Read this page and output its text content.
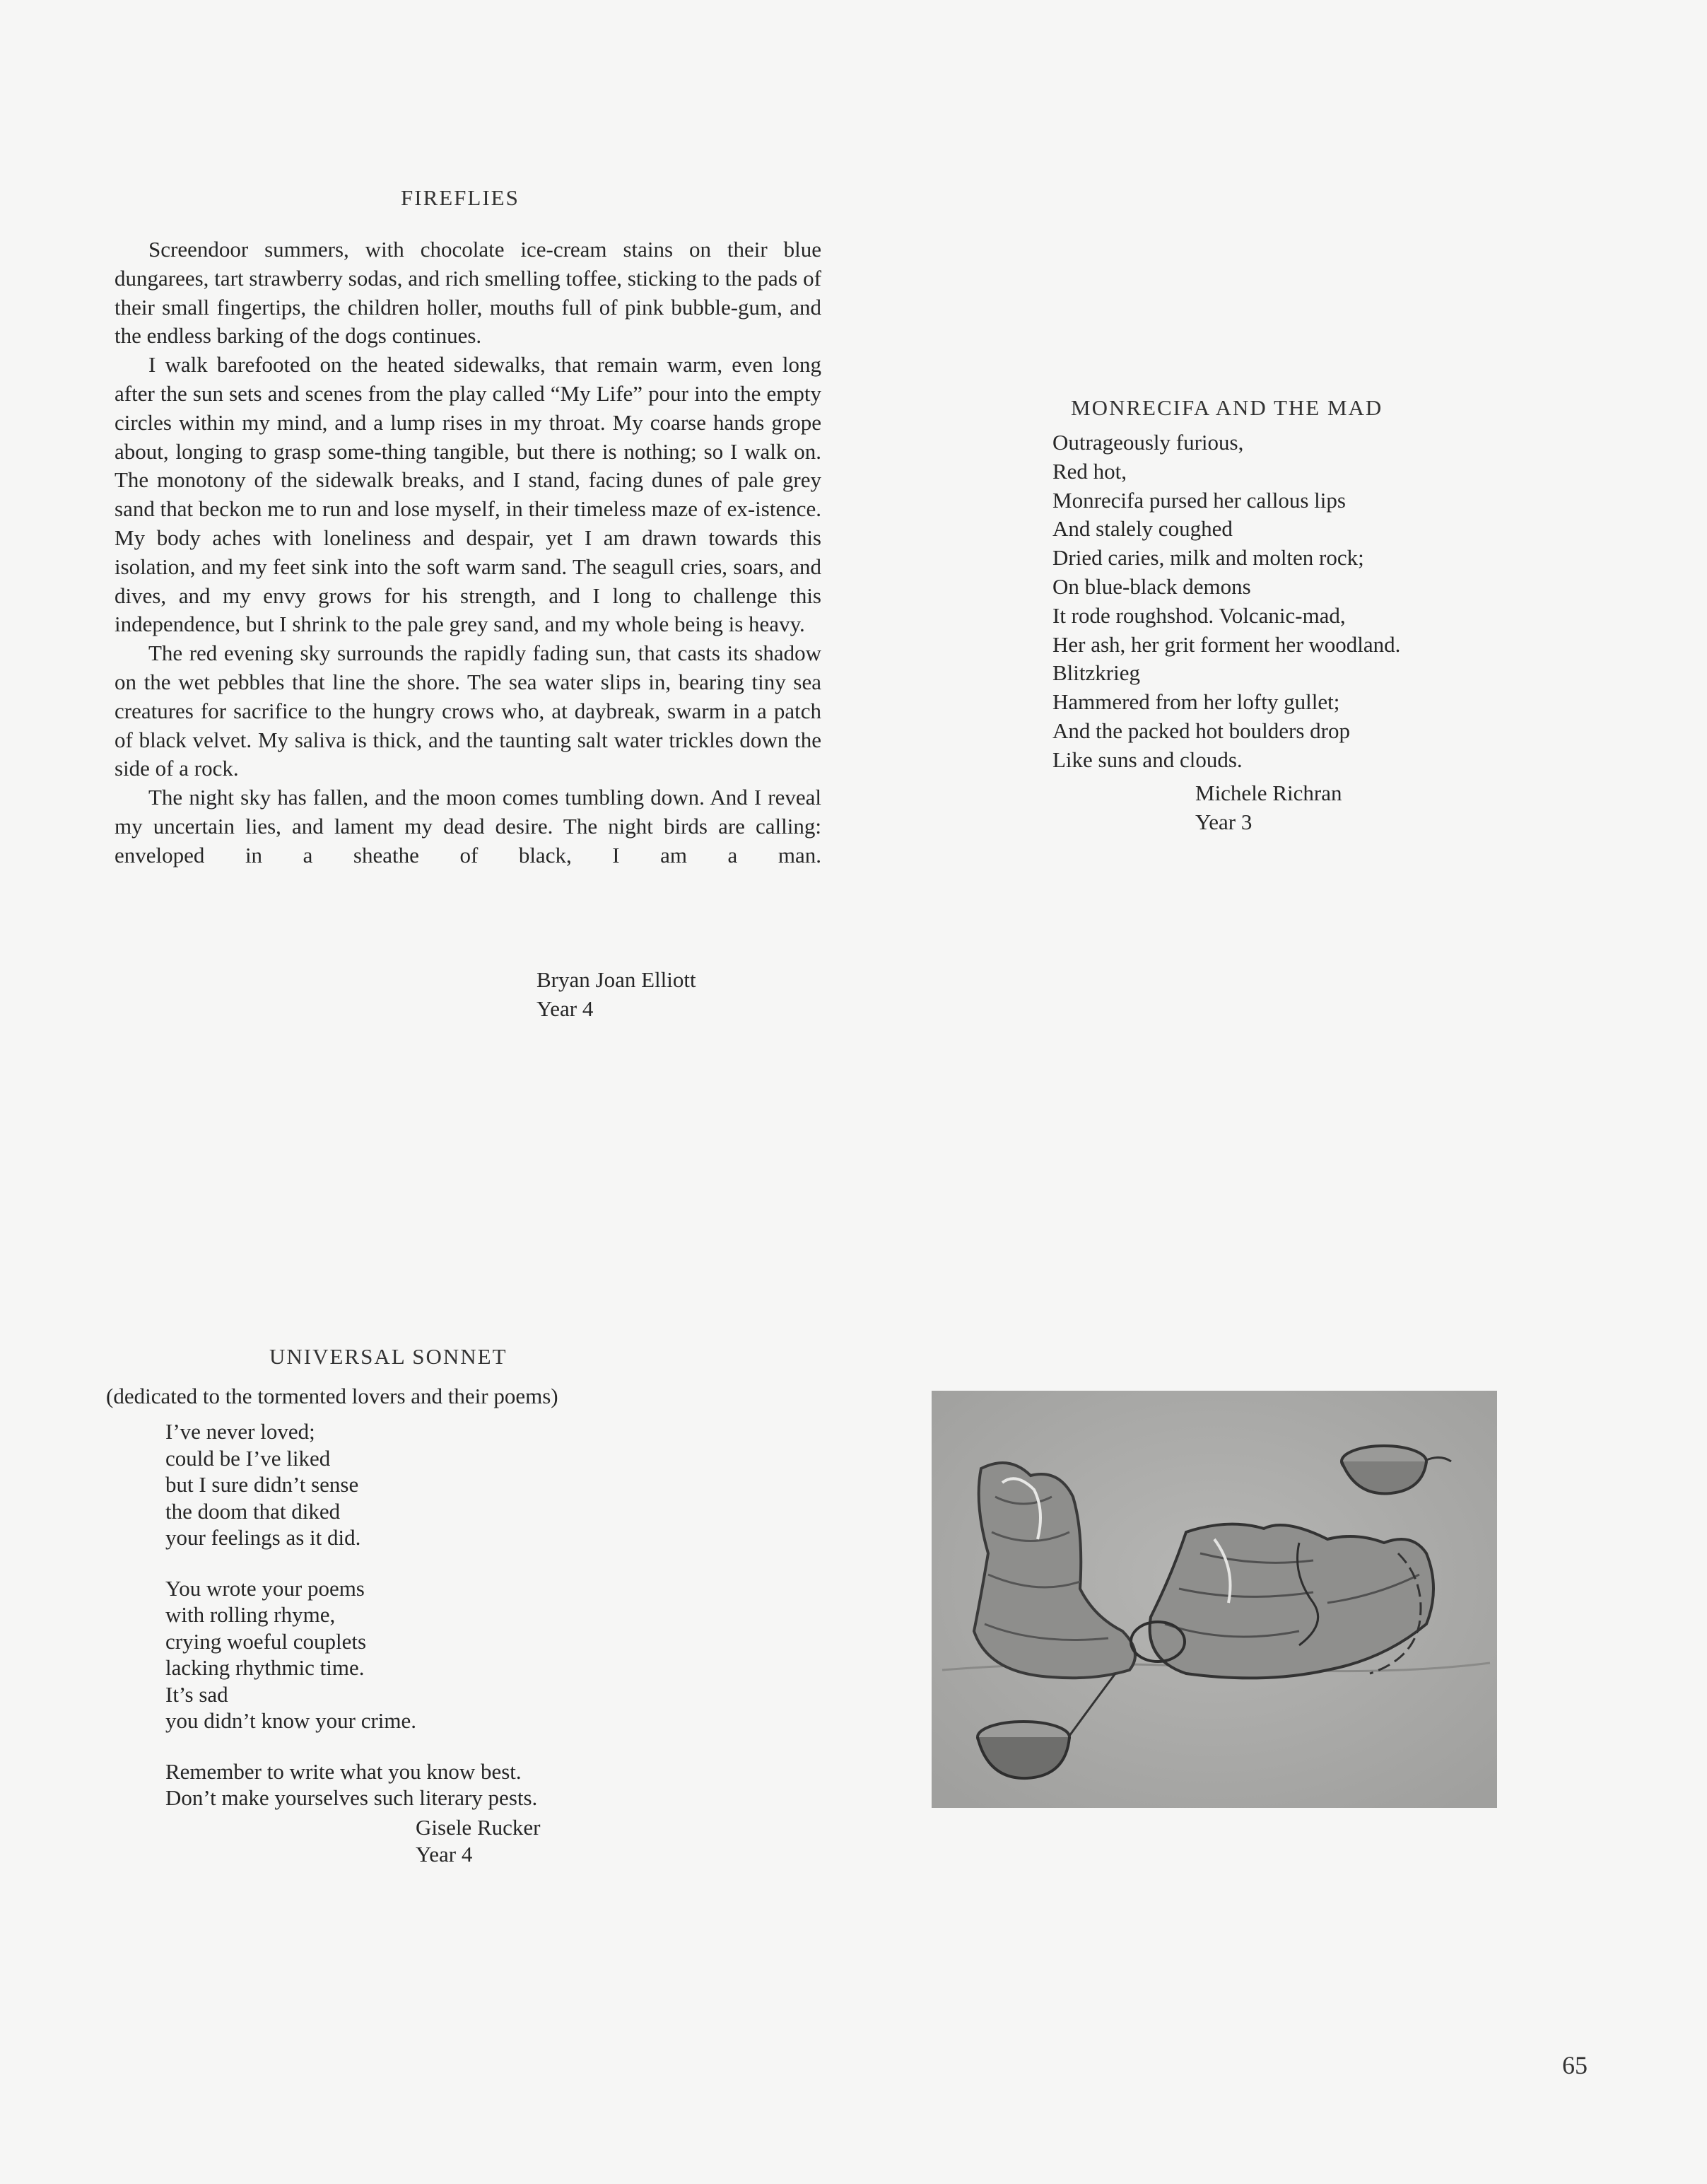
FIREFLIES

Screendoor summers, with chocolate ice-cream stains on their blue dungarees, tart strawberry sodas, and rich smelling toffee, sticking to the pads of their small fingertips, the children holler, mouths full of pink bubble-gum, and the endless barking of the dogs continues.

I walk barefooted on the heated sidewalks, that remain warm, even long after the sun sets and scenes from the play called “My Life” pour into the empty circles within my mind, and a lump rises in my throat. My coarse hands grope about, longing to grasp some-thing tangible, but there is nothing; so I walk on. The monotony of the sidewalk breaks, and I stand, facing dunes of pale grey sand that beckon me to run and lose myself, in their timeless maze of ex-istence. My body aches with loneliness and despair, yet I am drawn towards this isolation, and my feet sink into the soft warm sand. The seagull cries, soars, and dives, and my envy grows for his strength, and I long to challenge this independence, but I shrink to the pale grey sand, and my whole being is heavy.

The red evening sky surrounds the rapidly fading sun, that casts its shadow on the wet pebbles that line the shore. The sea water slips in, bearing tiny sea creatures for sacrifice to the hungry crows who, at daybreak, swarm in a patch of black velvet. My saliva is thick, and the taunting salt water trickles down the side of a rock.

The night sky has fallen, and the moon comes tumbling down. And I reveal my uncertain lies, and lament my dead desire. The night birds are calling: enveloped in a sheathe of black, I am a man.

Bryan Joan Elliott
Year 4
MONRECIFA AND THE MAD
Outrageously furious,
Red hot,
Monrecifa pursed her callous lips
And stalely coughed
Dried caries, milk and molten rock;
On blue-black demons
It rode roughshod. Volcanic-mad,
Her ash, her grit forment her woodland.
Blitzkrieg
Hammered from her lofty gullet;
And the packed hot boulders drop
Like suns and clouds.
Michele Richran
Year 3
UNIVERSAL SONNET
(dedicated to the tormented lovers and their poems)
I’ve never loved;
could be I’ve liked
but I sure didn’t sense
the doom that diked
your feelings as it did.
You wrote your poems
with rolling rhyme,
crying woeful couplets
lacking rhythmic time.
It’s sad
you didn’t know your crime.
Remember to write what you know best.
Don’t make yourselves such literary pests.
Gisele Rucker
Year 4
65
